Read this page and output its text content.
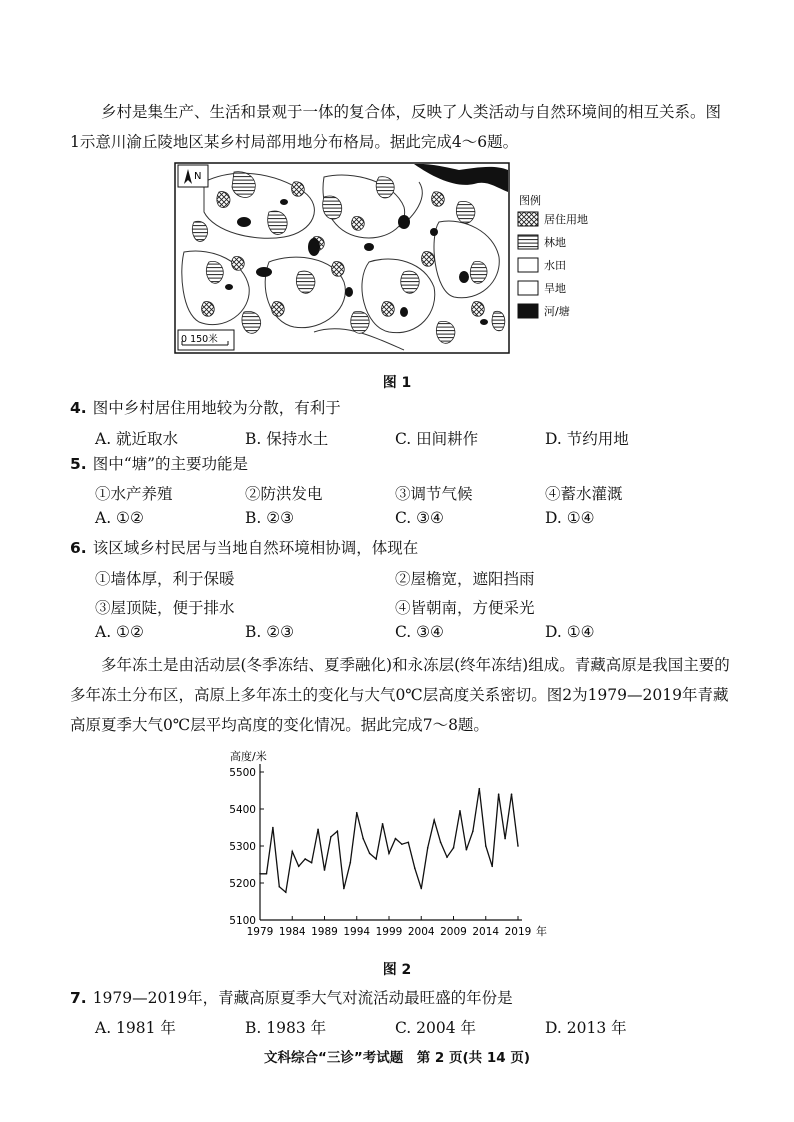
乡村是集生产、生活和景观于一体的复合体，反映了人类活动与自然环境间的相互关系。图1示意川渝丘陵地区某乡村局部用地分布格局。据此完成4～6题。
N
0 150米
图例
居住用地
林地
水田
旱地
河/塘
图 1
4. 图中乡村居住用地较为分散，有利于
A. 就近取水	B. 保持水土	C. 田间耕作	D. 节约用地
5. 图中“塘”的主要功能是
①水产养殖	②防洪发电	③调节气候	④蓄水灌溉
A. ①②	B. ②③	C. ③④	D. ①④
6. 该区域乡村民居与当地自然环境相协调，体现在
①墙体厚，利于保暖	②屋檐宽，遮阳挡雨
③屋顶陡，便于排水	④皆朝南，方便采光
A. ①②	B. ②③	C. ③④	D. ①④
多年冻土是由活动层(冬季冻结、夏季融化)和永冻层(终年冻结)组成。青藏高原是我国主要的多年冻土分布区，高原上多年冻土的变化与大气0℃层高度关系密切。图2为1979—2019年青藏高原夏季大气0℃层平均高度的变化情况。据此完成7～8题。
5100
5200
5300
5400
5500
1979 1984 1989 1994 1999 2004 2009 2014 2019
高度/米
年
图 2
7. 1979—2019年，青藏高原夏季大气对流活动最旺盛的年份是
A. 1981 年	B. 1983 年	C. 2004 年	D. 2013 年
文科综合“三诊”考试题　第 2 页(共 14 页)
